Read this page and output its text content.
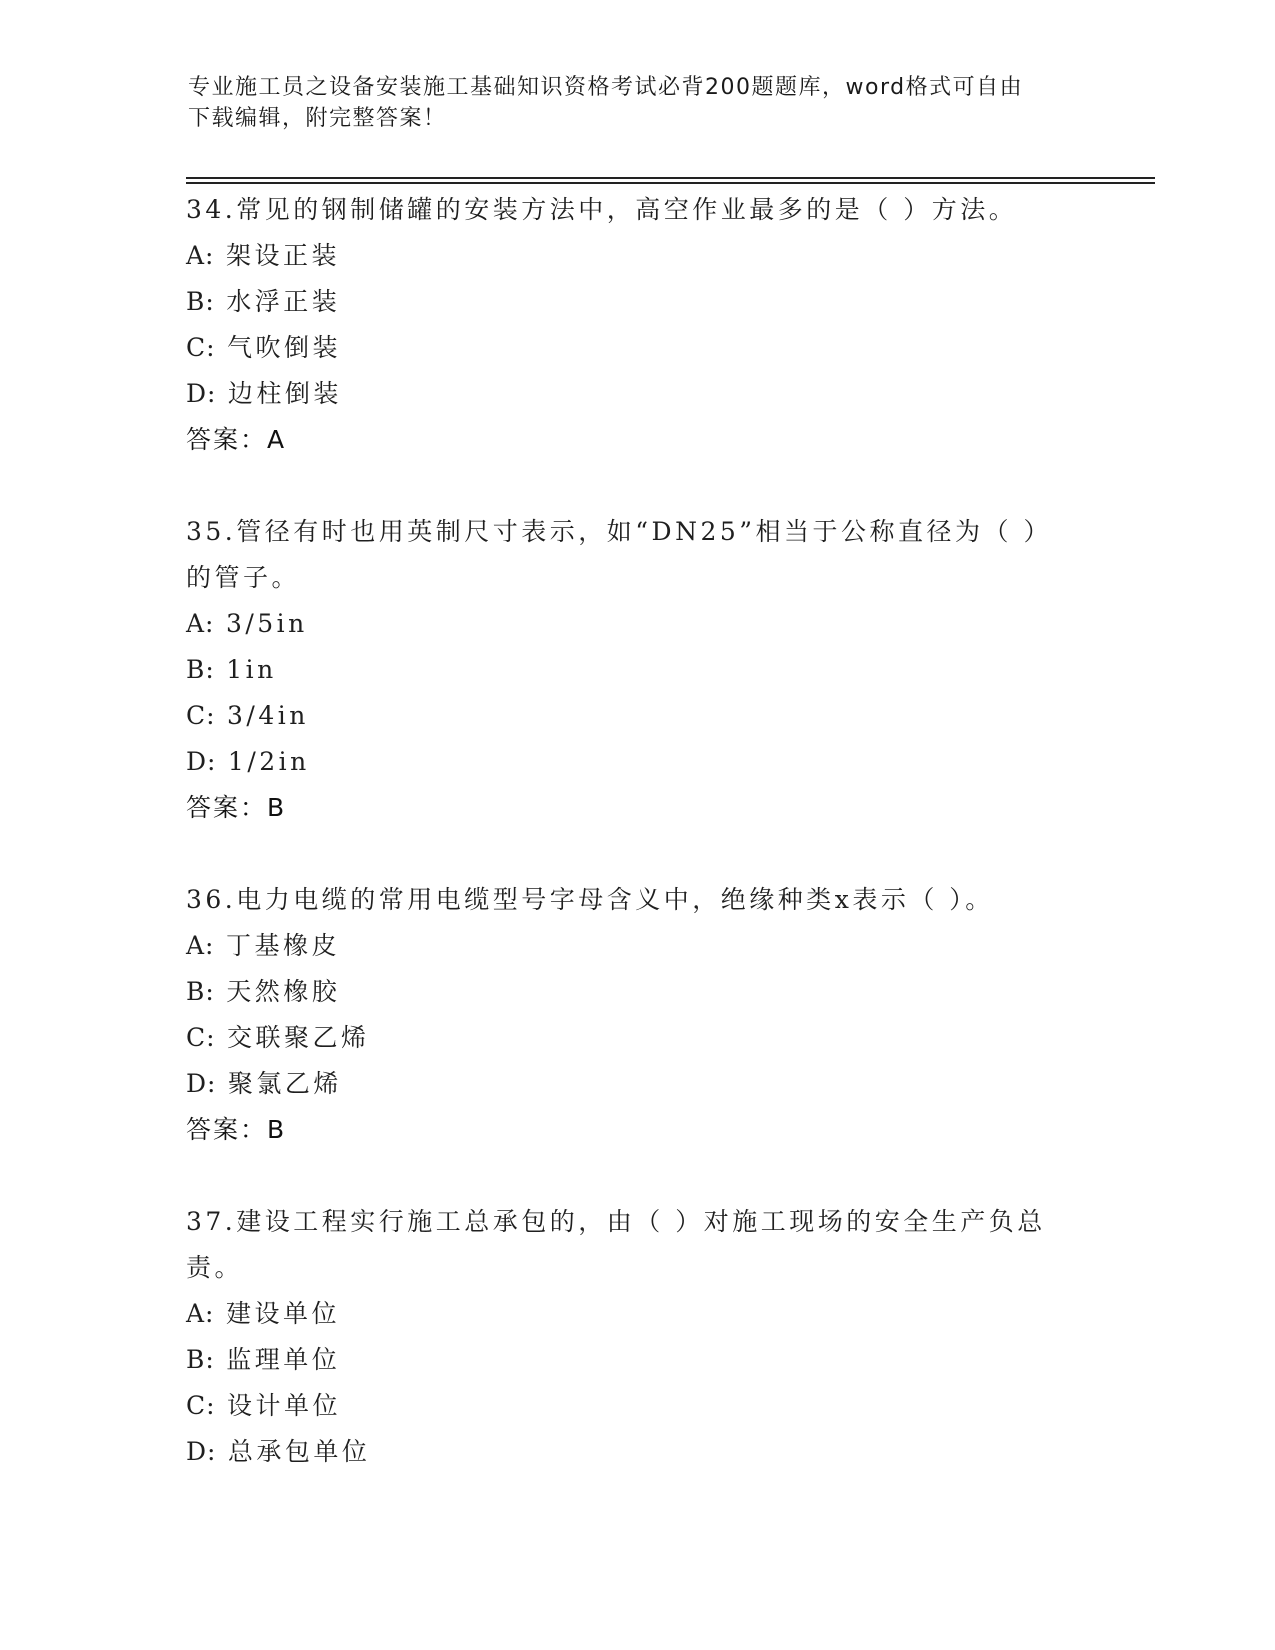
专业施工员之设备安装施工基础知识资格考试必背200题题库，word格式可自由
下载编辑，附完整答案！
34.常见的钢制储罐的安装方法中，高空作业最多的是（ ）方法。
A: 架设正装
B: 水浮正装
C: 气吹倒装
D: 边柱倒装
答案：A
35.管径有时也用英制尺寸表示，如“DN25”相当于公称直径为（ ）
的管子。
A: 3/5in
B: 1in
C: 3/4in
D: 1/2in
答案：B
36.电力电缆的常用电缆型号字母含义中，绝缘种类x表示（ ）。
A: 丁基橡皮
B: 天然橡胶
C: 交联聚乙烯
D: 聚氯乙烯
答案：B
37.建设工程实行施工总承包的，由（ ）对施工现场的安全生产负总
责。
A: 建设单位
B: 监理单位
C: 设计单位
D: 总承包单位
